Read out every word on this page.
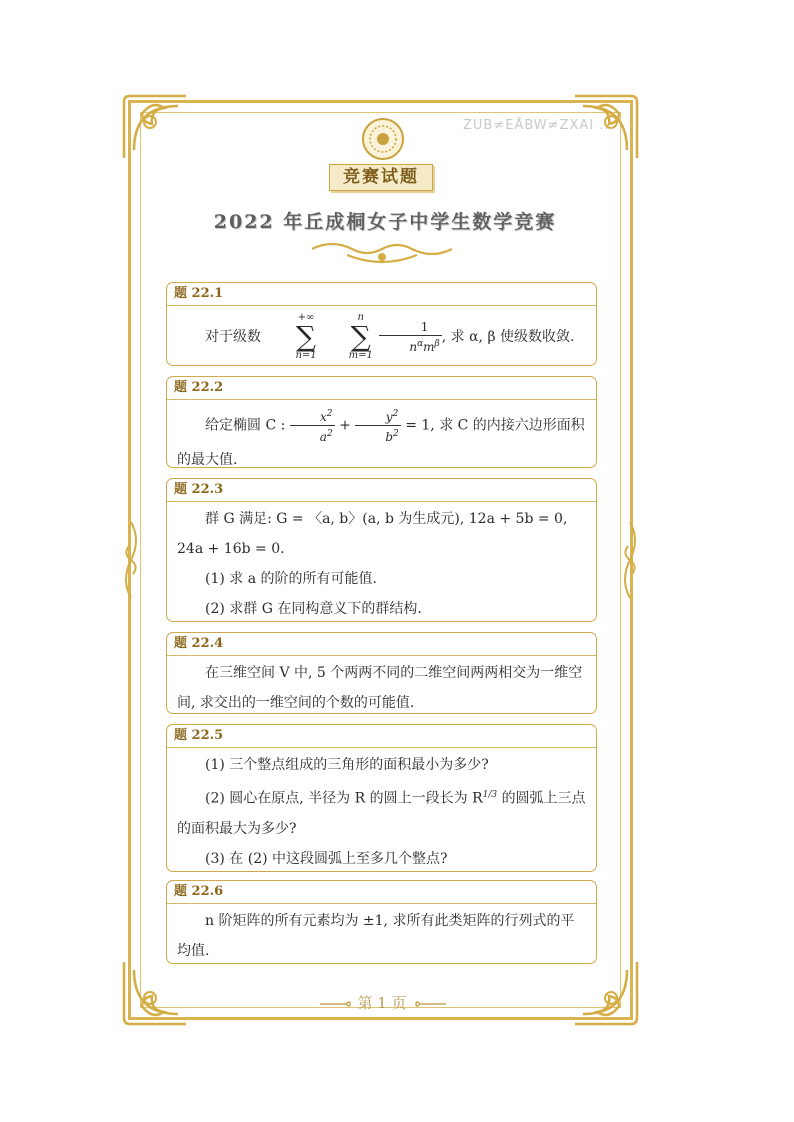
ZUB≠EÅBW≠ZXAI ...
竞赛试题
2022 年丘成桐女子中学生数学竞赛
题 22.1

对于级数
+∞
∑
n=1
n
∑
m=1

$\frac{1}{n^\alpha m^\beta}$ , 求 α, β 使级数收敛.

题 22.2

给定椭圆 C : $\frac{x^2}{a^2} + \frac{y^2}{b^2} = 1$, 求 C 的内接六边形面积的最大值.

题 22.3

群 G 满足: G = 〈a, b〉(a, b 为生成元), 12a + 5b = 0, 24a + 16b = 0.

(1) 求 a 的阶的所有可能值.

(2) 求群 G 在同构意义下的群结构.

题 22.4

在三维空间 V 中, 5 个两两不同的二维空间两两相交为一维空间, 求交出的一维空间的个数的可能值.

题 22.5

(1) 三个整点组成的三角形的面积最小为多少?

(2) 圆心在原点, 半径为 R 的圆上一段长为 $R^{1/3}$ 的圆弧上三点的面积最大为多少?

(3) 在 (2) 中这段圆弧上至多几个整点?

题 22.6

n 阶矩阵的所有元素均为 ±1, 求所有此类矩阵的行列式的平均值.

第 1 页
